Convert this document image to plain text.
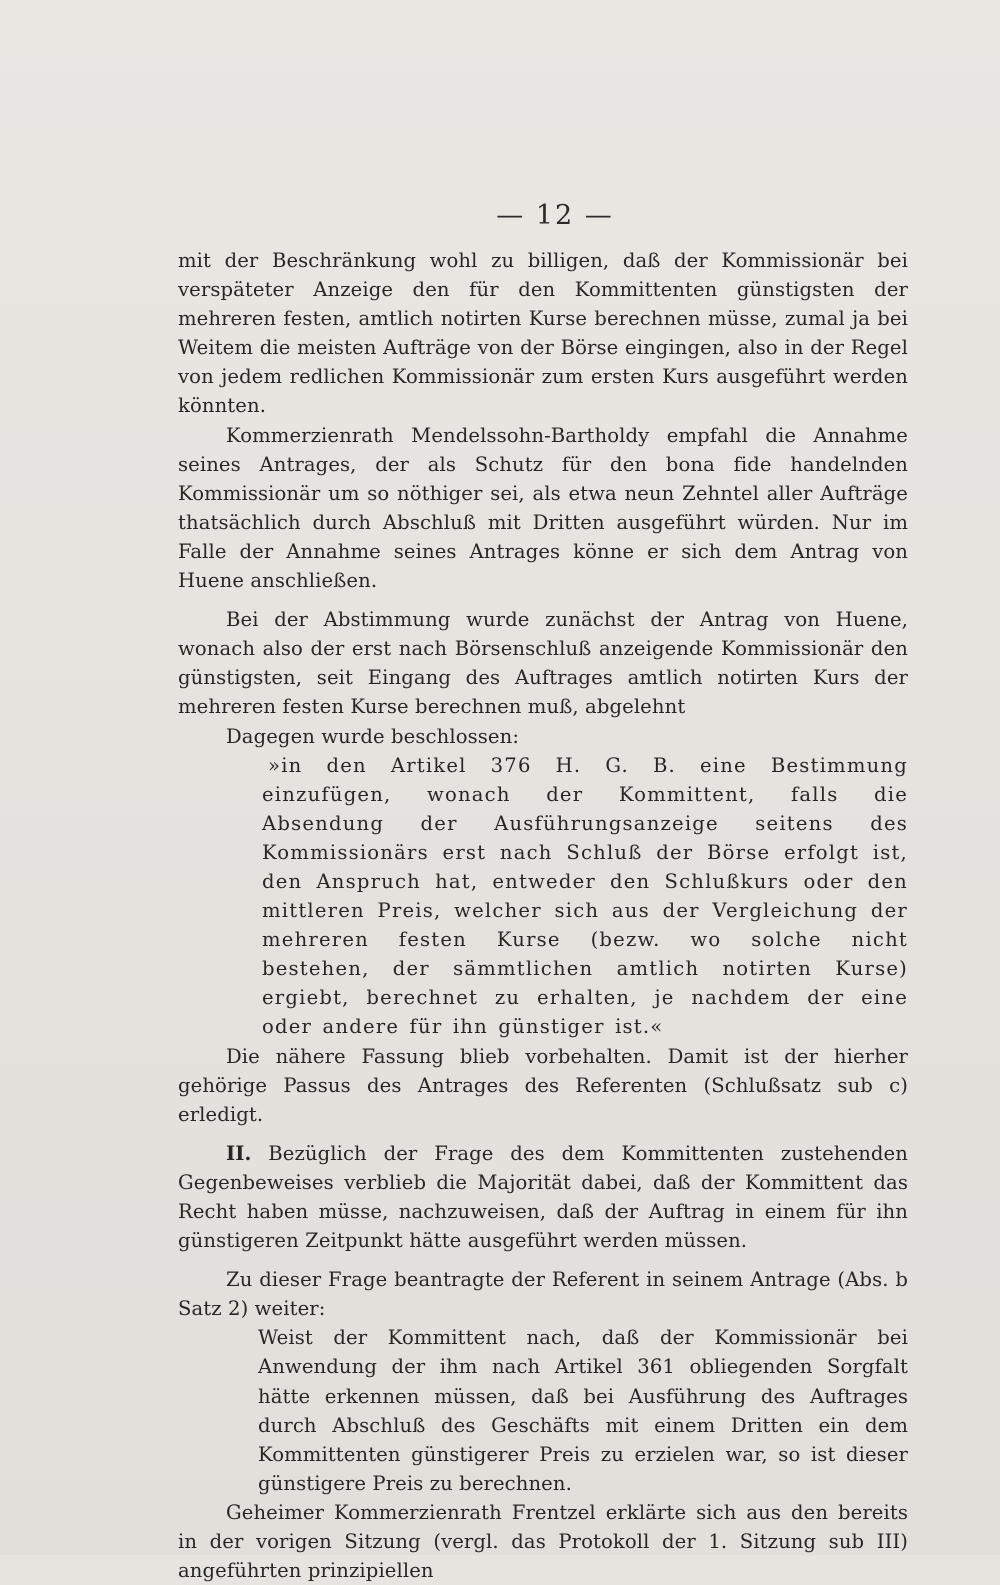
— 12 —

mit der Beschränkung wohl zu billigen, daß der Kommissionär bei verspäteter Anzeige den für den Kommittenten günstigsten der mehreren festen, amtlich notirten Kurse berechnen müsse, zumal ja bei Weitem die meisten Aufträge von der Börse eingingen, also in der Regel von jedem redlichen Kommissionär zum ersten Kurs ausgeführt werden könnten.

Kommerzienrath Mendelssohn-Bartholdy empfahl die Annahme seines Antrages, der als Schutz für den bona fide handelnden Kommissionär um so nöthiger sei, als etwa neun Zehntel aller Aufträge thatsächlich durch Abschluß mit Dritten ausgeführt würden. Nur im Falle der Annahme seines Antrages könne er sich dem Antrag von Huene anschließen.

Bei der Abstimmung wurde zunächst der Antrag von Huene, wonach also der erst nach Börsenschluß anzeigende Kommissionär den günstigsten, seit Eingang des Auftrages amtlich notirten Kurs der mehreren festen Kurse berechnen muß, abgelehnt

Dagegen wurde beschlossen:

»in den Artikel 376 H. G. B. eine Bestimmung einzufügen, wonach der Kommittent, falls die Absendung der Ausführungsanzeige seitens des Kommissionärs erst nach Schluß der Börse erfolgt ist, den Anspruch hat, entweder den Schlußkurs oder den mittleren Preis, welcher sich aus der Vergleichung der mehreren festen Kurse (bezw. wo solche nicht bestehen, der sämmtlichen amtlich notirten Kurse) ergiebt, berechnet zu erhalten, je nachdem der eine oder andere für ihn günstiger ist.«

Die nähere Fassung blieb vorbehalten. Damit ist der hierher gehörige Passus des Antrages des Referenten (Schlußsatz sub c) erledigt.

II. Bezüglich der Frage des dem Kommittenten zustehenden Gegenbeweises verblieb die Majorität dabei, daß der Kommittent das Recht haben müsse, nachzuweisen, daß der Auftrag in einem für ihn günstigeren Zeitpunkt hätte ausgeführt werden müssen.

Zu dieser Frage beantragte der Referent in seinem Antrage (Abs. b Satz 2) weiter:

Weist der Kommittent nach, daß der Kommissionär bei Anwendung der ihm nach Artikel 361 obliegenden Sorgfalt hätte erkennen müssen, daß bei Ausführung des Auftrages durch Abschluß des Geschäfts mit einem Dritten ein dem Kommittenten günstigerer Preis zu erzielen war, so ist dieser günstigere Preis zu berechnen.

Geheimer Kommerzienrath Frentzel erklärte sich aus den bereits in der vorigen Sitzung (vergl. das Protokoll der 1. Sitzung sub III) angeführten prinzipiellen
